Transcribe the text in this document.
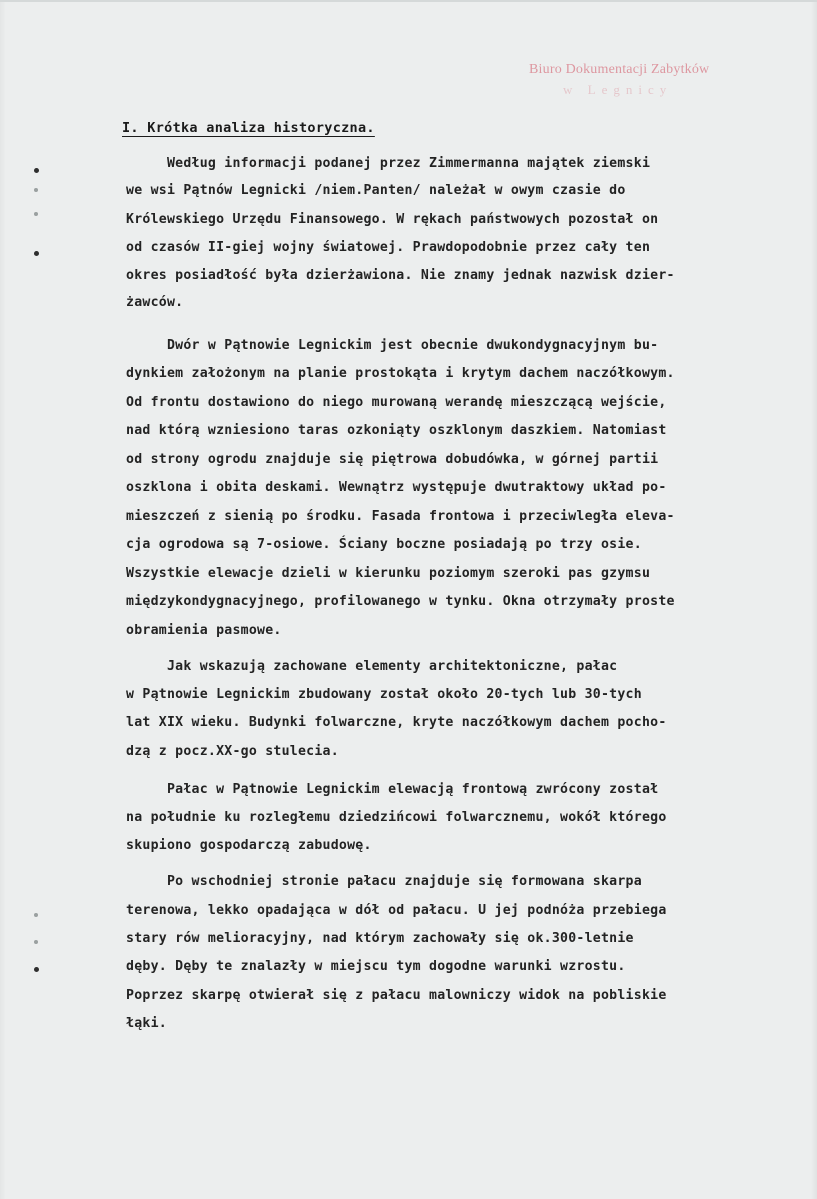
Biuro Dokumentacji Zabytków
w Legnicy
I. Krótka analiza historyczna.
Według informacji podanej przez Zimmermanna majątek ziemski
we wsi Pątnów Legnicki /niem.Panten/ należał w owym czasie do
Królewskiego Urzędu Finansowego. W rękach państwowych pozostał on
od czasów II-giej wojny światowej. Prawdopodobnie przez cały ten
okres posiadłość była dzierżawiona. Nie znamy jednak nazwisk dzier-
żawców.
Dwór w Pątnowie Legnickim jest obecnie dwukondygnacyjnym bu-
dynkiem założonym na planie prostokąta i krytym dachem naczółkowym.
Od frontu dostawiono do niego murowaną werandę mieszczącą wejście,
nad którą wzniesiono taras ozkoniąty oszklonym daszkiem. Natomiast
od strony ogrodu znajduje się piętrowa dobudówka, w górnej partii
oszklona i obita deskami. Wewnątrz występuje dwutraktowy układ po-
mieszczeń z sienią po środku. Fasada frontowa i przeciwległa eleva-
cja ogrodowa są 7-osiowe. Ściany boczne posiadają po trzy osie.
Wszystkie elewacje dzieli w kierunku poziomym szeroki pas gzymsu
międzykondygnacyjnego, profilowanego w tynku. Okna otrzymały proste
obramienia pasmowe.
Jak wskazują zachowane elementy architektoniczne, pałac
w Pątnowie Legnickim zbudowany został około 20-tych lub 30-tych
lat XIX wieku. Budynki folwarczne, kryte naczółkowym dachem pocho-
dzą z pocz.XX-go stulecia.
Pałac w Pątnowie Legnickim elewacją frontową zwrócony został
na południe ku rozległemu dziedzińcowi folwarcznemu, wokół którego
skupiono gospodarczą zabudowę.
Po wschodniej stronie pałacu znajduje się formowana skarpa
terenowa, lekko opadająca w dół od pałacu. U jej podnóża przebiega
stary rów melioracyjny, nad którym zachowały się ok.300-letnie
dęby. Dęby te znalazły w miejscu tym dogodne warunki wzrostu.
Poprzez skarpę otwierał się z pałacu malowniczy widok na pobliskie
łąki.
